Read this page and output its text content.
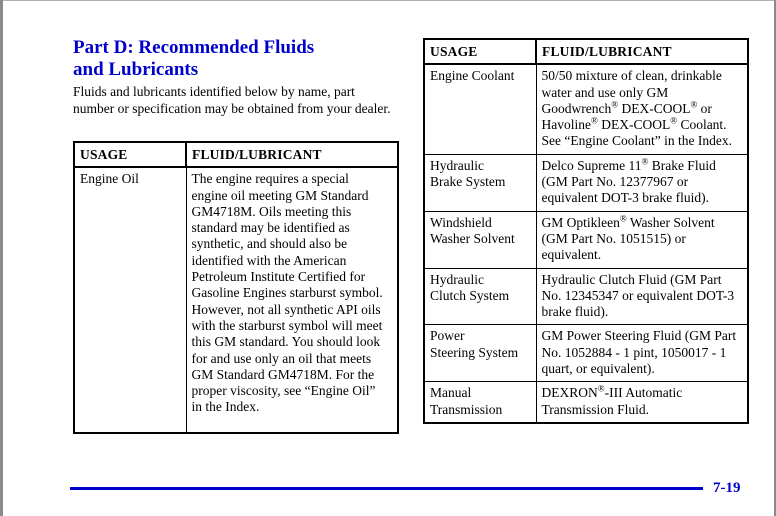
Part D: Recommended Fluids
and Lubricants
Fluids and lubricants identified below by name, part number or specification may be obtained from your dealer.
USAGE	FLUID/LUBRICANT
Engine Oil	The engine requires a special engine oil meeting GM Standard GM4718M. Oils meeting this standard may be identified as synthetic, and should also be identified with the American Petroleum Institute Certified for Gasoline Engines starburst symbol. However, not all synthetic API oils with the starburst symbol will meet this GM standard. You should look for and use only an oil that meets GM Standard GM4718M. For the proper viscosity, see “Engine Oil” in the Index.
USAGE	FLUID/LUBRICANT
Engine Coolant	50/50 mixture of clean, drinkable water and use only GM Goodwrench® DEX-COOL® or Havoline® DEX-COOL® Coolant. See “Engine Coolant” in the Index.

Hydraulic
Brake System	Delco Supreme 11® Brake Fluid (GM Part No. 12377967 or equivalent DOT-3 brake fluid).

Windshield
Washer Solvent	GM Optikleen® Washer Solvent (GM Part No. 1051515) or equivalent.

Hydraulic
Clutch System	Hydraulic Clutch Fluid (GM Part No. 12345347 or equivalent DOT-3 brake fluid).

Power
Steering System	GM Power Steering Fluid (GM Part No. 1052884 - 1 pint, 1050017 - 1 quart, or equivalent).

Manual
Transmission	DEXRON®-III Automatic Transmission Fluid.
7-19
